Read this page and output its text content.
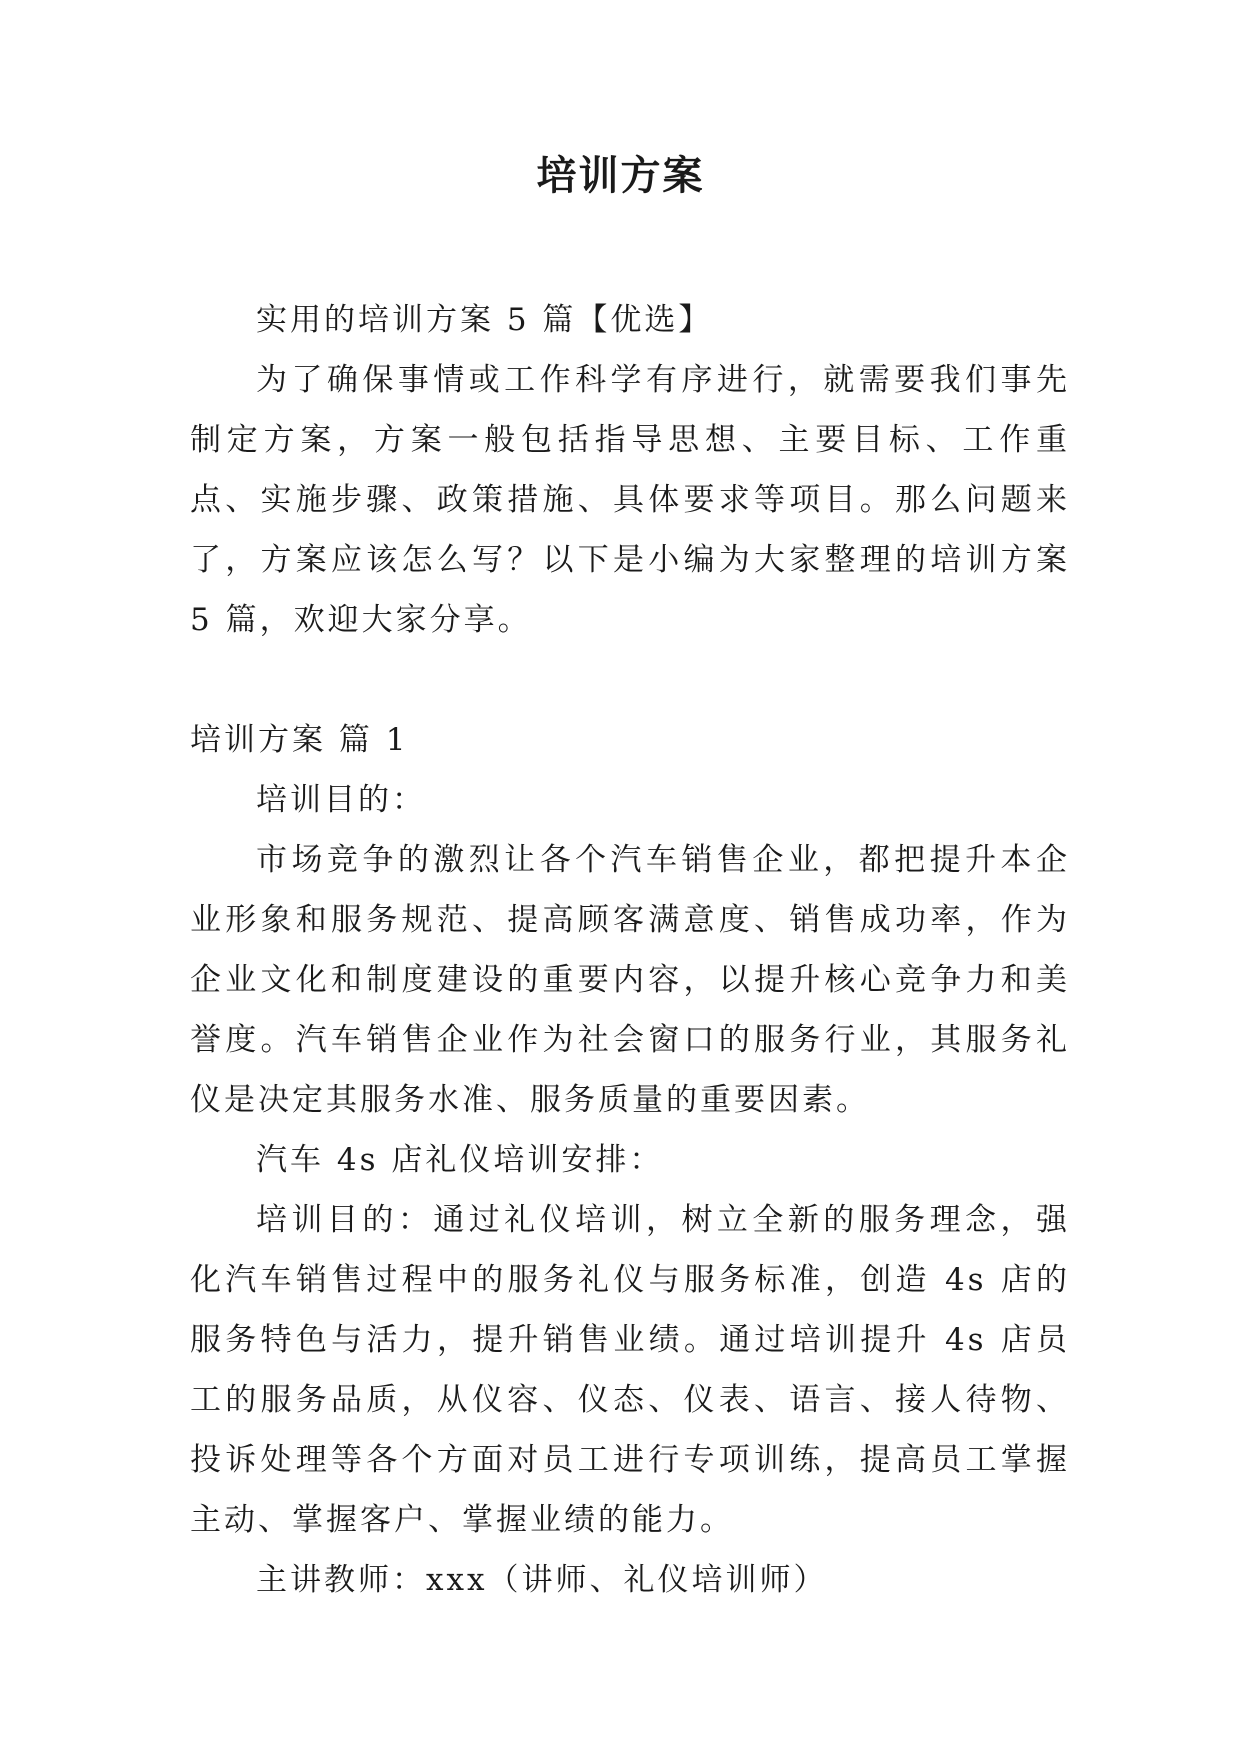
培训方案

实用的培训方案 5 篇【优选】

为了确保事情或工作科学有序进行，就需要我们事先制定方案，方案一般包括指导思想、主要目标、工作重点、实施步骤、政策措施、具体要求等项目。那么问题来了，方案应该怎么写？以下是小编为大家整理的培训方案 5 篇，欢迎大家分享。

培训方案 篇 1

培训目的：

市场竞争的激烈让各个汽车销售企业，都把提升本企业形象和服务规范、提高顾客满意度、销售成功率，作为企业文化和制度建设的重要内容，以提升核心竞争力和美誉度。汽车销售企业作为社会窗口的服务行业，其服务礼仪是决定其服务水准、服务质量的重要因素。

汽车 4s 店礼仪培训安排：

培训目的：通过礼仪培训，树立全新的服务理念，强化汽车销售过程中的服务礼仪与服务标准，创造 4s 店的服务特色与活力，提升销售业绩。通过培训提升 4s 店员工的服务品质，从仪容、仪态、仪表、语言、接人待物、投诉处理等各个方面对员工进行专项训练，提高员工掌握主动、掌握客户、掌握业绩的能力。

主讲教师：xxx（讲师、礼仪培训师）
